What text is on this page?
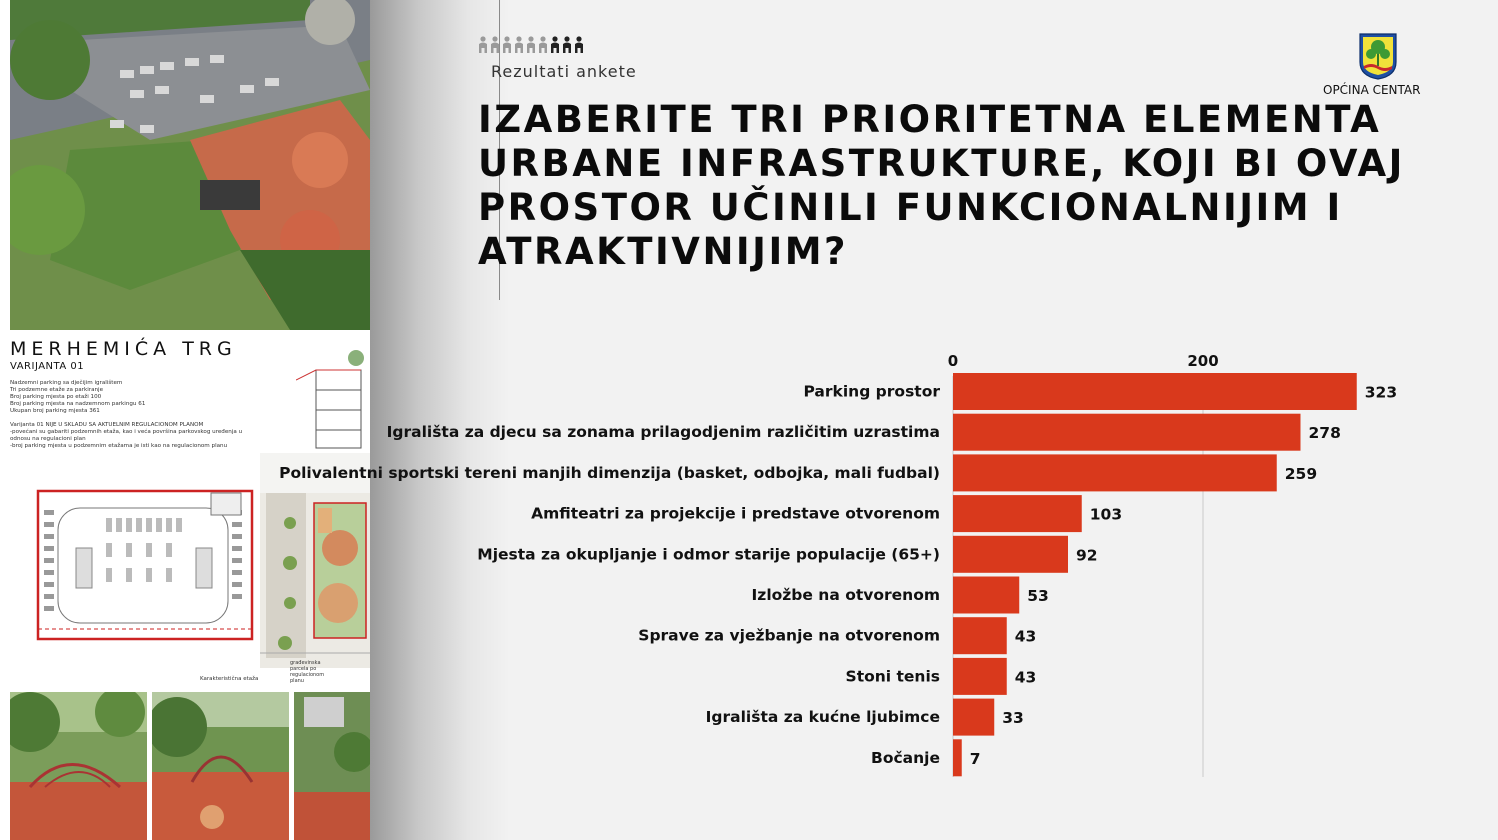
MERHEMIĆA TRG
VARIJANTA 01
Nadzemni parking sa dječijim igralištem
Tri podzemne etaže za parkiranje
Broj parking mjesta po etaži 100
Broj parking mjesta na nadzemnom parkingu 61
Ukupan broj parking mjesta 361

Varijanta 01 NIJE U SKLADU SA AKTUELNIM REGULACIONOM PLANOM
-povećani su gabariti podzemnih etaža, kao i veća površina parkovskog uređenja u
odnosu na regulacioni plan
-broj parking mjesta u podzemnim etažama je isti kao na regulacionom planu
Karakteristična etaža
građevinska
parcela po
regulacionom
planu
Rezultati ankete
OPĆINA CENTAR
IZABERITE TRI PRIORITETNA ELEMENTA URBANE INFRASTRUKTURE, KOJI BI OVAJ PROSTOR UČINILI FUNKCIONALNIJIM I ATRAKTIVNIJIM?
0	200
Parking prostor
Igrališta za djecu sa zonama prilagodjenim različitim uzrastima
Polivalentni sportski tereni manjih dimenzija (basket, odbojka, mali fudbal)
Amfiteatri za projekcije i predstave otvorenom
Mjesta za okupljanje i odmor starije populacije (65+)
Izložbe na otvorenom
Sprave za vježbanje na otvorenom
Stoni tenis
Igrališta za kućne ljubimce
Bočanje
323
278
259
103
92
53
43
43
33
7
